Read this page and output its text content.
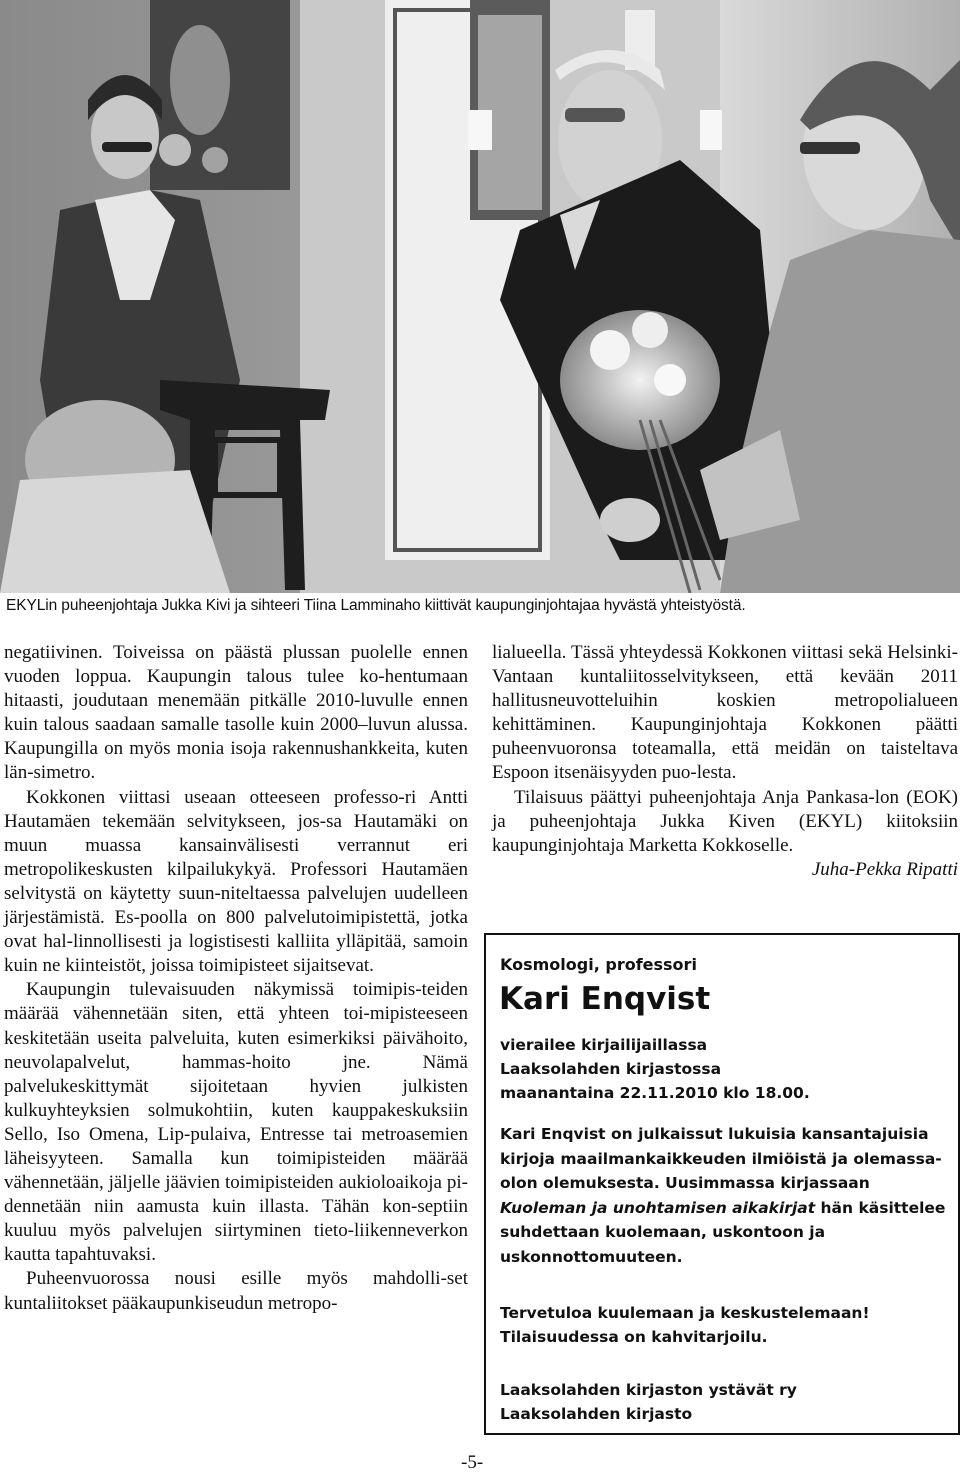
EKYLin puheenjohtaja Jukka Kivi ja sihteeri Tiina Lamminaho kiittivät kaupunginjohtajaa hyvästä yhteistyöstä.

negatiivinen. Toiveissa on päästä plussan puolelle ennen vuoden loppua. Kaupungin talous tulee ko-hentumaan hitaasti, joudutaan menemään pitkälle 2010-luvulle ennen kuin talous saadaan samalle tasolle kuin 2000–luvun alussa. Kaupungilla on myös monia isoja rakennushankkeita, kuten län-simetro.

Kokkonen viittasi useaan otteeseen professo-ri Antti Hautamäen tekemään selvitykseen, jos-sa Hautamäki on muun muassa kansainvälisesti verrannut eri metropolikeskusten kilpailukykyä. Professori Hautamäen selvitystä on käytetty suun-niteltaessa palvelujen uudelleen järjestämistä. Es-poolla on 800 palvelutoimipistettä, jotka ovat hal-linnollisesti ja logistisesti kalliita ylläpitää, samoin kuin ne kiinteistöt, joissa toimipisteet sijaitsevat.

Kaupungin tulevaisuuden näkymissä toimipis-teiden määrää vähennetään siten, että yhteen toi-mipisteeseen keskitetään useita palveluita, kuten esimerkiksi päivähoito, neuvolapalvelut, hammas-hoito jne. Nämä palvelukeskittymät sijoitetaan hyvien julkisten kulkuyhteyksien solmukohtiin, kuten kauppakeskuksiin Sello, Iso Omena, Lip-pulaiva, Entresse tai metroasemien läheisyyteen. Samalla kun toimipisteiden määrää vähennetään, jäljelle jäävien toimipisteiden aukioloaikoja pi-dennetään niin aamusta kuin illasta. Tähän kon-septiin kuuluu myös palvelujen siirtyminen tieto-liikenneverkon kautta tapahtuvaksi.

Puheenvuorossa nousi esille myös mahdolli-set kuntaliitokset pääkaupunkiseudun metropo-

lialueella. Tässä yhteydessä Kokkonen viittasi sekä Helsinki-Vantaan kuntaliitosselvitykseen, että kevään 2011 hallitusneuvotteluihin koskien metropolialueen kehittäminen. Kaupunginjohtaja Kokkonen päätti puheenvuoronsa toteamalla, että meidän on taisteltava Espoon itsenäisyyden puo-lesta.

Tilaisuus päättyi puheenjohtaja Anja Pankasa-lon (EOK) ja puheenjohtaja Jukka Kiven (EKYL) kiitoksiin kaupunginjohtaja Marketta Kokkoselle.

Juha-Pekka Ripatti

Kosmologi, professori
Kari Enqvist
vierailee kirjailijaillassa
Laaksolahden kirjastossa
maanantaina 22.11.2010 klo 18.00.
Kari Enqvist on julkaissut lukuisia kansantajuisia kirjoja maailmankaikkeuden ilmiöistä ja olemassa-olon olemuksesta. Uusimmassa kirjassaan Kuoleman ja unohtamisen aikakirjat hän käsittelee suhdettaan kuolemaan, uskontoon ja uskonnottomuuteen.
Tervetuloa kuulemaan ja keskustelemaan!
Tilaisuudessa on kahvitarjoilu.
Laaksolahden kirjaston ystävät ry
Laaksolahden kirjasto
-5-
